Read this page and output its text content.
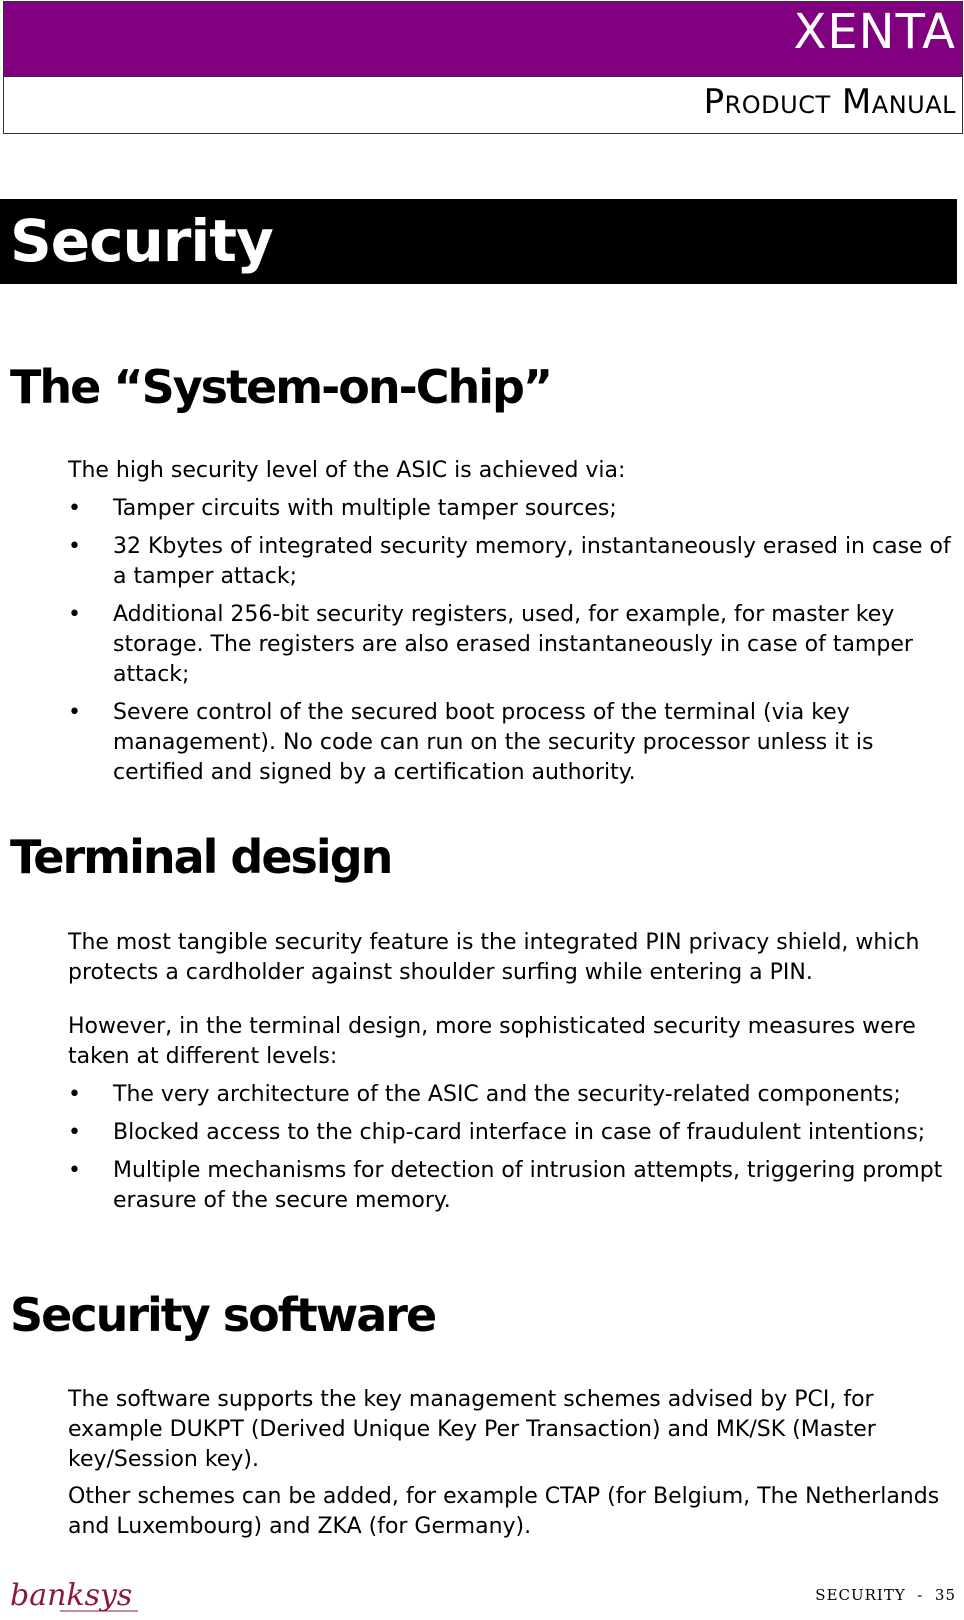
XENTA
Product Manual
Security
The “System-on-Chip”

The high security level of the ASIC is achieved via:

• Tamper circuits with multiple tamper sources;
• 32 Kbytes of integrated security memory, instantaneously erased in case of a tamper attack;
• Additional 256-bit security registers, used, for example, for master key storage. The registers are also erased instantaneously in case of tamper attack;
• Severe control of the secured boot process of the terminal (via key management). No code can run on the security processor unless it is certified and signed by a certification authority.
Terminal design

The most tangible security feature is the integrated PIN privacy shield, which protects a cardholder against shoulder surfing while entering a PIN.

However, in the terminal design, more sophisticated security measures were taken at different levels:

• The very architecture of the ASIC and the security-related components;
• Blocked access to the chip-card interface in case of fraudulent intentions;
• Multiple mechanisms for detection of intrusion attempts, triggering prompt erasure of the secure memory.
Security software

The software supports the key management schemes advised by PCI, for example DUKPT (Derived Unique Key Per Transaction) and MK/SK (Master key/Session key).

Other schemes can be added, for example CTAP (for Belgium, The Netherlands and Luxembourg) and ZKA (for Germany).

banksys	SECURITY  -  35
